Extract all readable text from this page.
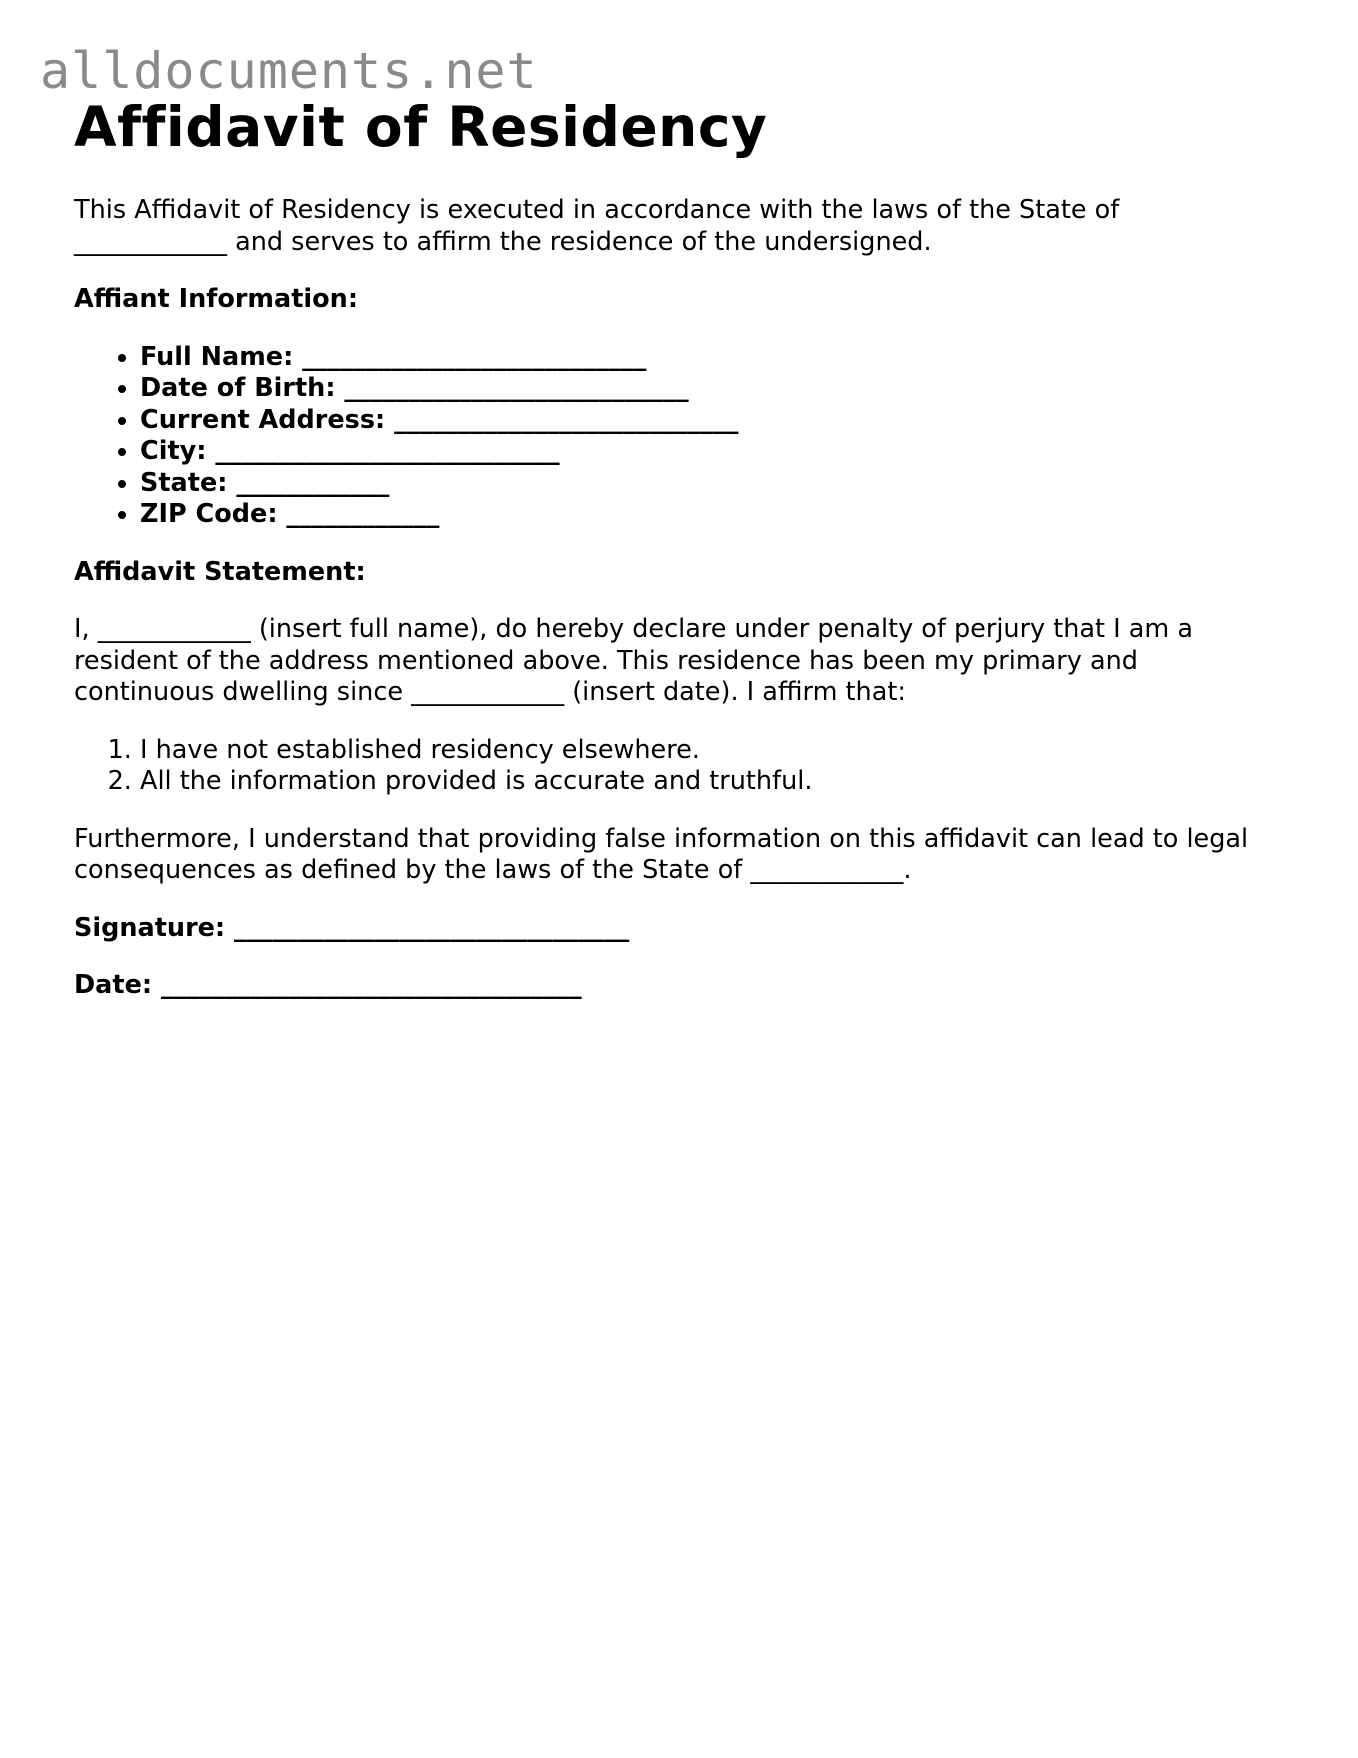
alldocuments.net
Affidavit of Residency

This Affidavit of Residency is executed in accordance with the laws of the State of ____________ and serves to affirm the residence of the undersigned.

Affiant Information:

• Full Name: ___________________________
• Date of Birth: ___________________________
• Current Address: ___________________________
• City: ___________________________
• State: ____________
• ZIP Code: ____________

Affidavit Statement:

I, ____________ (insert full name), do hereby declare under penalty of perjury that I am a resident of the address mentioned above. This residence has been my primary and continuous dwelling since ____________ (insert date). I affirm that:

1. I have not established residency elsewhere.
2. All the information provided is accurate and truthful.

Furthermore, I understand that providing false information on this affidavit can lead to legal consequences as defined by the laws of the State of ____________.

Signature: _______________________________

Date: _________________________________
